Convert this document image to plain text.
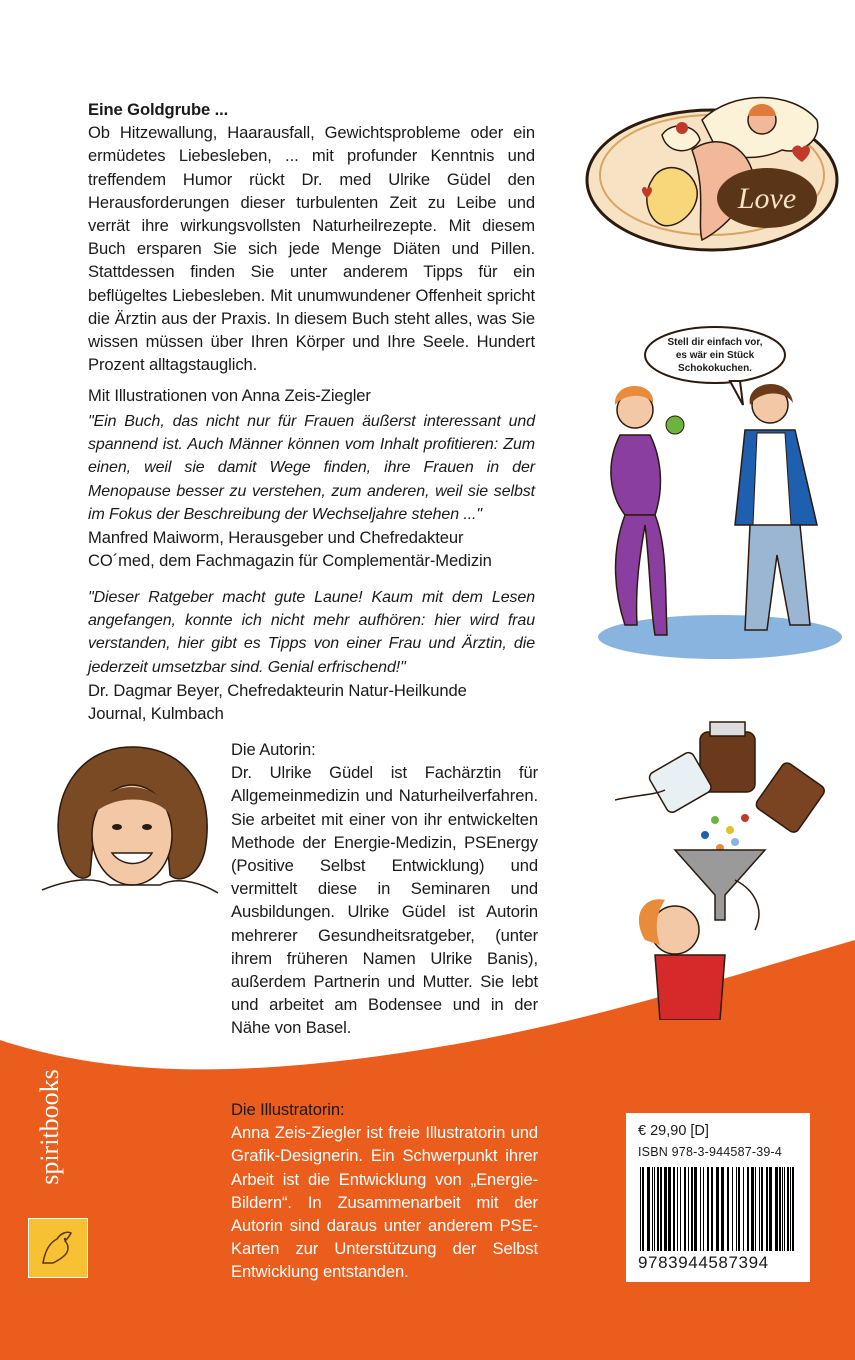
Eine Goldgrube ...

Ob Hitzewallung, Haarausfall, Gewichtsprobleme oder ein ermüdetes Liebesleben, ... mit profunder Kenntnis und treffendem Humor rückt Dr. med Ulrike Güdel den Herausforderungen dieser turbulenten Zeit zu Leibe und verrät ihre wirkungsvollsten Naturheilrezepte. Mit diesem Buch ersparen Sie sich jede Menge Diäten und Pillen. Stattdessen finden Sie unter anderem Tipps für ein beflügeltes Liebesleben. Mit unumwundener Offenheit spricht die Ärztin aus der Praxis. In diesem Buch steht alles, was Sie wissen müssen über Ihren Körper und Ihre Seele. Hundert Prozent alltagstauglich.

Mit Illustrationen von Anna Zeis-Ziegler

"Ein Buch, das nicht nur für Frauen äußerst interessant und spannend ist. Auch Männer können vom Inhalt profitieren: Zum einen, weil sie damit Wege finden, ihre Frauen in der Menopause besser zu verstehen, zum anderen, weil sie selbst im Fokus der Beschreibung der Wechseljahre stehen ..."

Manfred Maiworm, Herausgeber und Chefredakteur

CO´med, dem Fachmagazin für Complementär-Medizin

"Dieser Ratgeber macht gute Laune! Kaum mit dem Lesen angefangen, konnte ich nicht mehr aufhören: hier wird frau verstanden, hier gibt es Tipps von einer Frau und Ärztin, die jederzeit umsetzbar sind. Genial erfrischend!"

Dr. Dagmar Beyer, Chefredakteurin Natur-Heilkunde

Journal, Kulmbach

Die Autorin:

Dr. Ulrike Güdel ist Fachärztin für Allgemeinmedizin und Naturheilverfahren. Sie arbeitet mit einer von ihr entwickelten Methode der Energie-Medizin, PSEnergy (Positive Selbst Entwicklung) und vermittelt diese in Seminaren und Ausbildungen. Ulrike Güdel ist Autorin mehrerer Gesundheitsratgeber, (unter ihrem früheren Namen Ulrike Banis), außerdem Partnerin und Mutter. Sie lebt und arbeitet am Bodensee und in der Nähe von Basel.

Die Illustratorin:

Anna Zeis-Ziegler ist freie Illustratorin und Grafik-Designerin. Ein Schwerpunkt ihrer Arbeit ist die Entwicklung von „Energie-Bildern“. In Zusammenarbeit mit der Autorin sind daraus unter anderem PSE-Karten zur Unterstützung der Selbst Entwicklung entstanden.

Love
Stell dir einfach vor,
es wär ein Stück
Schokokuchen.
spiritbooks	€ 29,90 [D]
ISBN 978-3-944587-39-4
9783944587394
